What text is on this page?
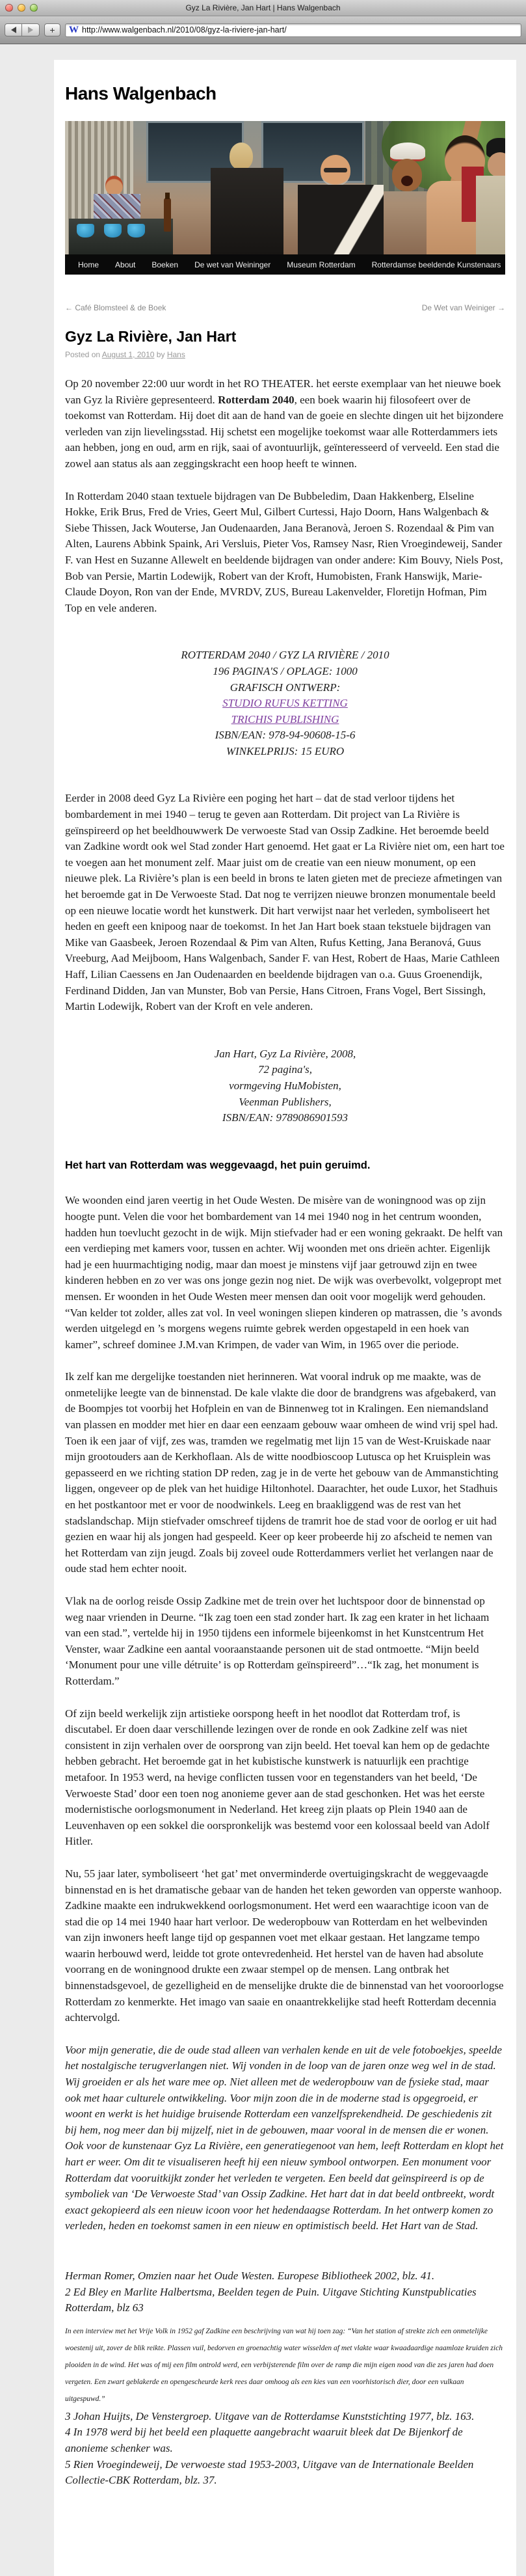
Gyz La Rivière, Jan Hart | Hans Walgenbach
+	W http://www.walgenbach.nl/2010/08/gyz-la-riviere-jan-hart/
Hans Walgenbach
Home About Boeken De wet van Weininger Museum Rotterdam Rotterdamse beeldende Kunstenaars
← Café Blomsteel & de Boek	De Wet van Weiniger →
Gyz La Rivière, Jan Hart
Posted on August 1, 2010 by Hans

Op 20 november 22:00 uur wordt in het RO THEATER. het eerste exemplaar van het nieuwe boek van Gyz la Rivière gepresenteerd. Rotterdam 2040, een boek waarin hij filosofeert over de toekomst van Rotterdam. Hij doet dit aan de hand van de goeie en slechte dingen uit het bijzondere verleden van zijn lievelingsstad. Hij schetst een mogelijke toekomst waar alle Rotterdammers iets aan hebben, jong en oud, arm en rijk, saai of avontuurlijk, geïnteresseerd of verveeld. Een stad die zowel aan status als aan zeggingskracht een hoop heeft te winnen.

In Rotterdam 2040 staan textuele bijdragen van De Bubbeledim, Daan Hakkenberg, Elseline Hokke, Erik Brus, Fred de Vries, Geert Mul, Gilbert Curtessi, Hajo Doorn, Hans Walgenbach & Siebe Thissen, Jack Wouterse, Jan Oudenaarden, Jana Beranovà, Jeroen S. Rozendaal & Pim van Alten, Laurens Abbink Spaink, Ari Versluis, Pieter Vos, Ramsey Nasr, Rien Vroegindeweij, Sander F. van Hest en Suzanne Allewelt en beeldende bijdragen van onder andere: Kim Bouvy, Niels Post, Bob van Persie, Martin Lodewijk, Robert van der Kroft, Humobisten, Frank Hanswijk, Marie-Claude Doyon, Ron van der Ende, MVRDV, ZUS, Bureau Lakenvelder, Floretijn Hofman, Pim Top en vele anderen.

ROTTERDAM 2040 / GYZ LA RIVIÈRE / 2010
196 PAGINA'S / OPLAGE: 1000
GRAFISCH ONTWERP:
STUDIO RUFUS KETTING
TRICHIS PUBLISHING
ISBN/EAN: 978-94-90608-15-6
WINKELPRIJS: 15 EURO

Eerder in 2008 deed Gyz La Rivière een poging het hart – dat de stad verloor tijdens het bombardement in mei 1940 – terug te geven aan Rotterdam. Dit project van La Rivière is geïnspireerd op het beeldhouwwerk De verwoeste Stad van Ossip Zadkine. Het beroemde beeld van Zadkine wordt ook wel Stad zonder Hart genoemd. Het gaat er La Rivière niet om, een hart toe te voegen aan het monument zelf. Maar juist om de creatie van een nieuw monument, op een nieuwe plek. La Rivière’s plan is een beeld in brons te laten gieten met de precieze afmetingen van het beroemde gat in De Verwoeste Stad. Dat nog te verrijzen nieuwe bronzen monumentale beeld op een nieuwe locatie wordt het kunstwerk. Dit hart verwijst naar het verleden, symboliseert het heden en geeft een knipoog naar de toekomst. In het Jan Hart boek staan tekstuele bijdragen van Mike van Gaasbeek, Jeroen Rozendaal & Pim van Alten, Rufus Ketting, Jana Beranová, Guus Vreeburg, Aad Meijboom, Hans Walgenbach, Sander F. van Hest, Robert de Haas, Marie Cathleen Haff, Lilian Caessens en Jan Oudenaarden en beeldende bijdragen van o.a. Guus Groenendijk, Ferdinand Didden, Jan van Munster, Bob van Persie, Hans Citroen, Frans Vogel, Bert Sissingh, Martin Lodewijk, Robert van der Kroft en vele anderen.

Jan Hart, Gyz La Rivière, 2008,
72 pagina's,
vormgeving HuMobisten,
Veenman Publishers,
ISBN/EAN: 9789086901593
Het hart van Rotterdam was weggevaagd, het puin geruimd.

We woonden eind jaren veertig in het Oude Westen. De misère van de woningnood was op zijn hoogte punt. Velen die voor het bombardement van 14 mei 1940 nog in het centrum woonden, hadden hun toevlucht gezocht in de wijk. Mijn stiefvader had er een woning gekraakt. De helft van een verdieping met kamers voor, tussen en achter. Wij woonden met ons drieën achter. Eigenlijk had je een huurmachtiging nodig, maar dan moest je minstens vijf jaar getrouwd zijn en twee kinderen hebben en zo ver was ons jonge gezin nog niet. De wijk was overbevolkt, volgepropt met mensen. Er woonden in het Oude Westen meer mensen dan ooit voor mogelijk werd gehouden. “Van kelder tot zolder, alles zat vol. In veel woningen sliepen kinderen op matrassen, die ’s avonds werden uitgelegd en ’s morgens wegens ruimte gebrek werden opgestapeld in een hoek van kamer”, schreef dominee J.M.van Krimpen, de vader van Wim, in 1965 over die periode.

Ik zelf kan me dergelijke toestanden niet herinneren. Wat vooral indruk op me maakte, was de onmetelijke leegte van de binnenstad. De kale vlakte die door de brandgrens was afgebakerd, van de Boompjes tot voorbij het Hofplein en van de Binnenweg tot in Kralingen. Een niemandsland van plassen en modder met hier en daar een eenzaam gebouw waar omheen de wind vrij spel had. Toen ik een jaar of vijf, zes was, tramden we regelmatig met lijn 15 van de West-Kruiskade naar mijn grootouders aan de Kerkhoflaan. Als de witte noodbioscoop Lutusca op het Kruisplein was gepasseerd en we richting station DP reden, zag je in de verte het gebouw van de Ammanstichting liggen, ongeveer op de plek van het huidige Hiltonhotel. Daarachter, het oude Luxor, het Stadhuis en het postkantoor met er voor de noodwinkels. Leeg en braakliggend was de rest van het stadslandschap. Mijn stiefvader omschreef tijdens de tramrit hoe de stad voor de oorlog er uit had gezien en waar hij als jongen had gespeeld. Keer op keer probeerde hij zo afscheid te nemen van het Rotterdam van zijn jeugd. Zoals bij zoveel oude Rotterdammers verliet het verlangen naar de oude stad hem echter nooit.

Vlak na de oorlog reisde Ossip Zadkine met de trein over het luchtspoor door de binnenstad op weg naar vrienden in Deurne. “Ik zag toen een stad zonder hart. Ik zag een krater in het lichaam van een stad.”, vertelde hij in 1950 tijdens een informele bijeenkomst in het Kunstcentrum Het Venster, waar Zadkine een aantal vooraanstaande personen uit de stad ontmoette. “Mijn beeld ‘Monument pour une ville détruite’ is op Rotterdam geïnspireerd”…“Ik zag, het monument is Rotterdam.”

Of zijn beeld werkelijk zijn artistieke oorspong heeft in het noodlot dat Rotterdam trof, is discutabel. Er doen daar verschillende lezingen over de ronde en ook Zadkine zelf was niet consistent in zijn verhalen over de oorsprong van zijn beeld. Het toeval kan hem op de gedachte hebben gebracht. Het beroemde gat in het kubistische kunstwerk is natuurlijk een prachtige metafoor. In 1953 werd, na hevige conflicten tussen voor en tegenstanders van het beeld, ‘De Verwoeste Stad’ door een toen nog anonieme gever aan de stad geschonken. Het was het eerste modernistische oorlogsmonument in Nederland. Het kreeg zijn plaats op Plein 1940 aan de Leuvenhaven op een sokkel die oorspronkelijk was bestemd voor een kolossaal beeld van Adolf Hitler.

Nu, 55 jaar later, symboliseert ‘het gat’ met onverminderde overtuigingskracht de weggevaagde binnenstad en is het dramatische gebaar van de handen het teken geworden van opperste wanhoop. Zadkine maakte een indrukwekkend oorlogsmonument. Het werd een waarachtige icoon van de stad die op 14 mei 1940 haar hart verloor. De wederopbouw van Rotterdam en het welbevinden van zijn inwoners heeft lange tijd op gespannen voet met elkaar gestaan. Het langzame tempo waarin herbouwd werd, leidde tot grote ontevredenheid. Het herstel van de haven had absolute voorrang en de woningnood drukte een zwaar stempel op de mensen. Lang ontbrak het binnenstadsgevoel, de gezelligheid en de menselijke drukte die de binnenstad van het vooroorlogse Rotterdam zo kenmerkte. Het imago van saaie en onaantrekkelijke stad heeft Rotterdam decennia achtervolgd.

Voor mijn generatie, die de oude stad alleen van verhalen kende en uit de vele fotoboekjes, speelde het nostalgische terugverlangen niet. Wij vonden in de loop van de jaren onze weg wel in de stad. Wij groeiden er als het ware mee op. Niet alleen met de wederopbouw van de fysieke stad, maar ook met haar culturele ontwikkeling. Voor mijn zoon die in de moderne stad is opgegroeid, er woont en werkt is het huidige bruisende Rotterdam een vanzelfsprekendheid. De geschiedenis zit bij hem, nog meer dan bij mijzelf, niet in de gebouwen, maar vooral in de mensen die er wonen. Ook voor de kunstenaar Gyz La Rivière, een generatiegenoot van hem, leeft Rotterdam en klopt het hart er weer. Om dit te visualiseren heeft hij een nieuw symbool ontworpen. Een monument voor Rotterdam dat vooruitkijkt zonder het verleden te vergeten. Een beeld dat geïnspireerd is op de symboliek van ‘De Verwoeste Stad’ van Ossip Zadkine. Het hart dat in dat beeld ontbreekt, wordt exact gekopieerd als een nieuw icoon voor het hedendaagse Rotterdam. In het ontwerp komen zo verleden, heden en toekomst samen in een nieuw en optimistisch beeld. Het Hart van de Stad.

Herman Romer, Omzien naar het Oude Westen. Europese Bibliotheek 2002, blz. 41.

2 Ed Bley en Marlite Halbertsma, Beelden tegen de Puin. Uitgave Stichting Kunstpublicaties Rotterdam, blz 63

In een interview met het Vrije Volk in 1952 gaf Zadkine een beschrijving van wat hij toen zag: “Van het station af strekte zich een onmetelijke woestenij uit, zover de blik reikte. Plassen vuil, bedorven en groenachtig water wisselden af met vlakte waar kwaadaardige naamloze kruiden zich plooiden in de wind. Het was of mij een film ontrold werd, een verbijsterende film over de ramp die mijn eigen nood van die zes jaren had doen vergeten. Een zwart geblakerde en opengescheurde kerk rees daar omhoog als een kies van een voorhistorisch dier, door een vulkaan uitgespuwd.”

3 Johan Huijts, De Venstergroep. Uitgave van de Rotterdamse Kunststichting 1977, blz. 163.

4 In 1978 werd bij het beeld een plaquette aangebracht waaruit bleek dat De Bijenkorf de anonieme schenker was.

5 Rien Vroegindeweij, De verwoeste stad 1953-2003, Uitgave van de Internationale Beelden Collectie-CBK Rotterdam, blz. 37.
